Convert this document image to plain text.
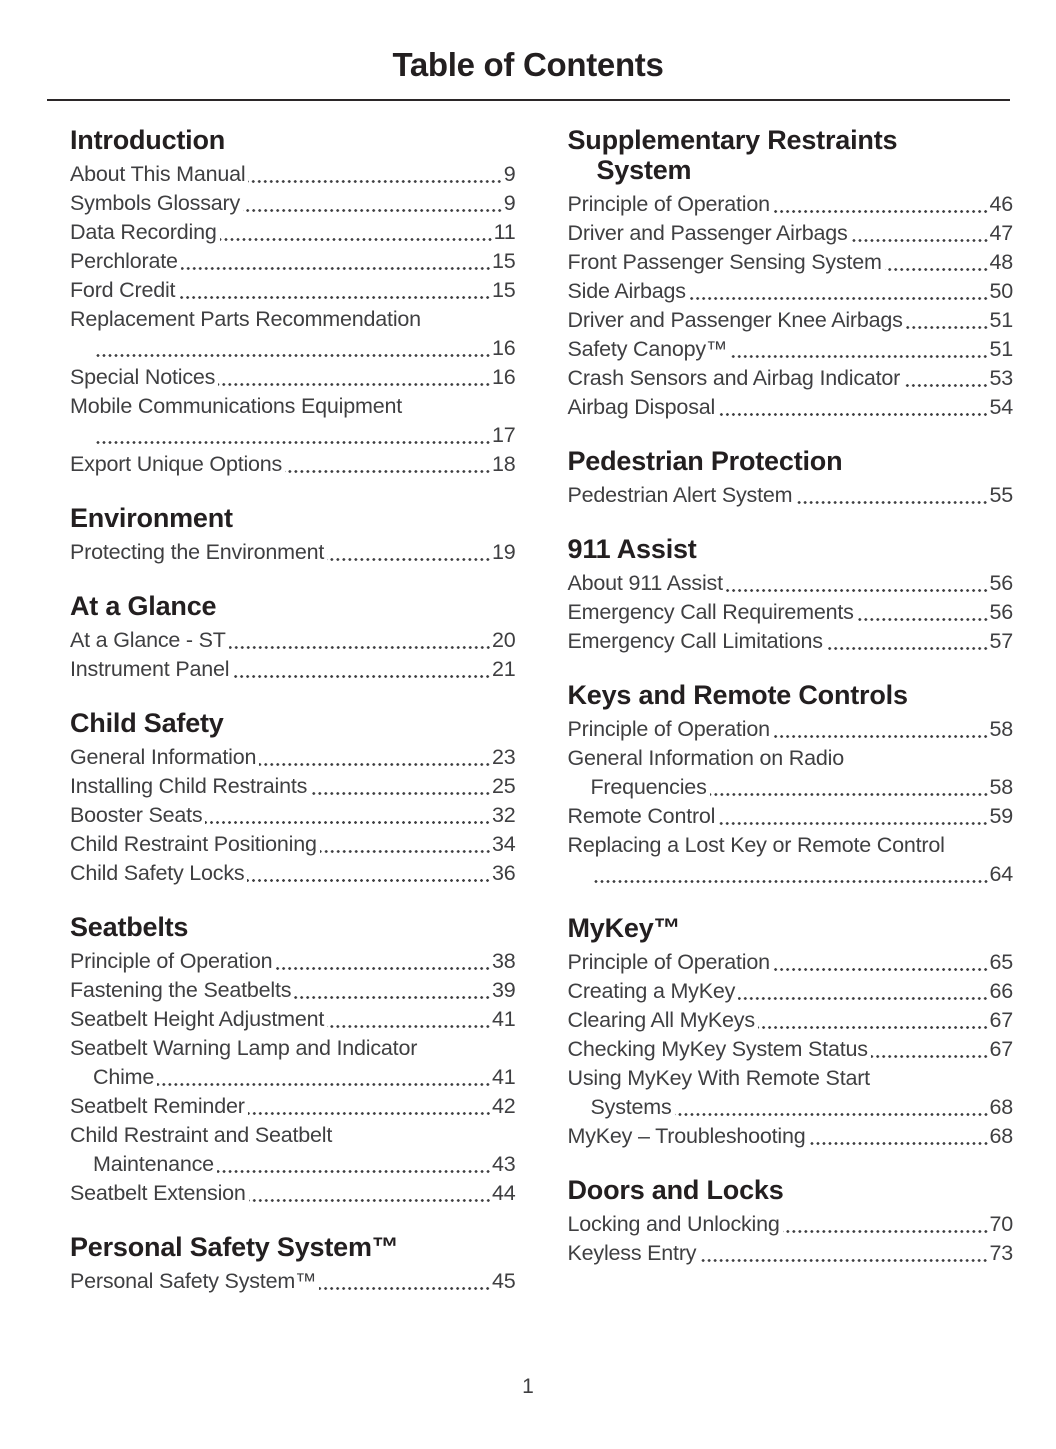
Table of Contents
Introduction
About This Manual	9
Symbols Glossary	9
Data Recording	11
Perchlorate	15
Ford Credit	15
Replacement Parts Recommendation
16
Special Notices	16
Mobile Communications Equipment
17
Export Unique Options	18
Environment
Protecting the Environment	19
At a Glance
At a Glance - ST	20
Instrument Panel	21
Child Safety
General Information	23
Installing Child Restraints	25
Booster Seats	32
Child Restraint Positioning	34
Child Safety Locks	36
Seatbelts
Principle of Operation	38
Fastening the Seatbelts	39
Seatbelt Height Adjustment	41
Seatbelt Warning Lamp and Indicator
Chime	41
Seatbelt Reminder	42
Child Restraint and Seatbelt
Maintenance	43
Seatbelt Extension	44
Personal Safety System™
Personal Safety System™	45
Supplementary Restraints
System
Principle of Operation	46
Driver and Passenger Airbags	47
Front Passenger Sensing System	48
Side Airbags	50
Driver and Passenger Knee Airbags	51
Safety Canopy™	51
Crash Sensors and Airbag Indicator	53
Airbag Disposal	54
Pedestrian Protection
Pedestrian Alert System	55
911 Assist
About 911 Assist	56
Emergency Call Requirements	56
Emergency Call Limitations	57
Keys and Remote Controls
Principle of Operation	58
General Information on Radio
Frequencies	58
Remote Control	59
Replacing a Lost Key or Remote Control
64
MyKey™
Principle of Operation	65
Creating a MyKey	66
Clearing All MyKeys	67
Checking MyKey System Status	67
Using MyKey With Remote Start
Systems	68
MyKey – Troubleshooting	68
Doors and Locks
Locking and Unlocking	70
Keyless Entry	73
1
